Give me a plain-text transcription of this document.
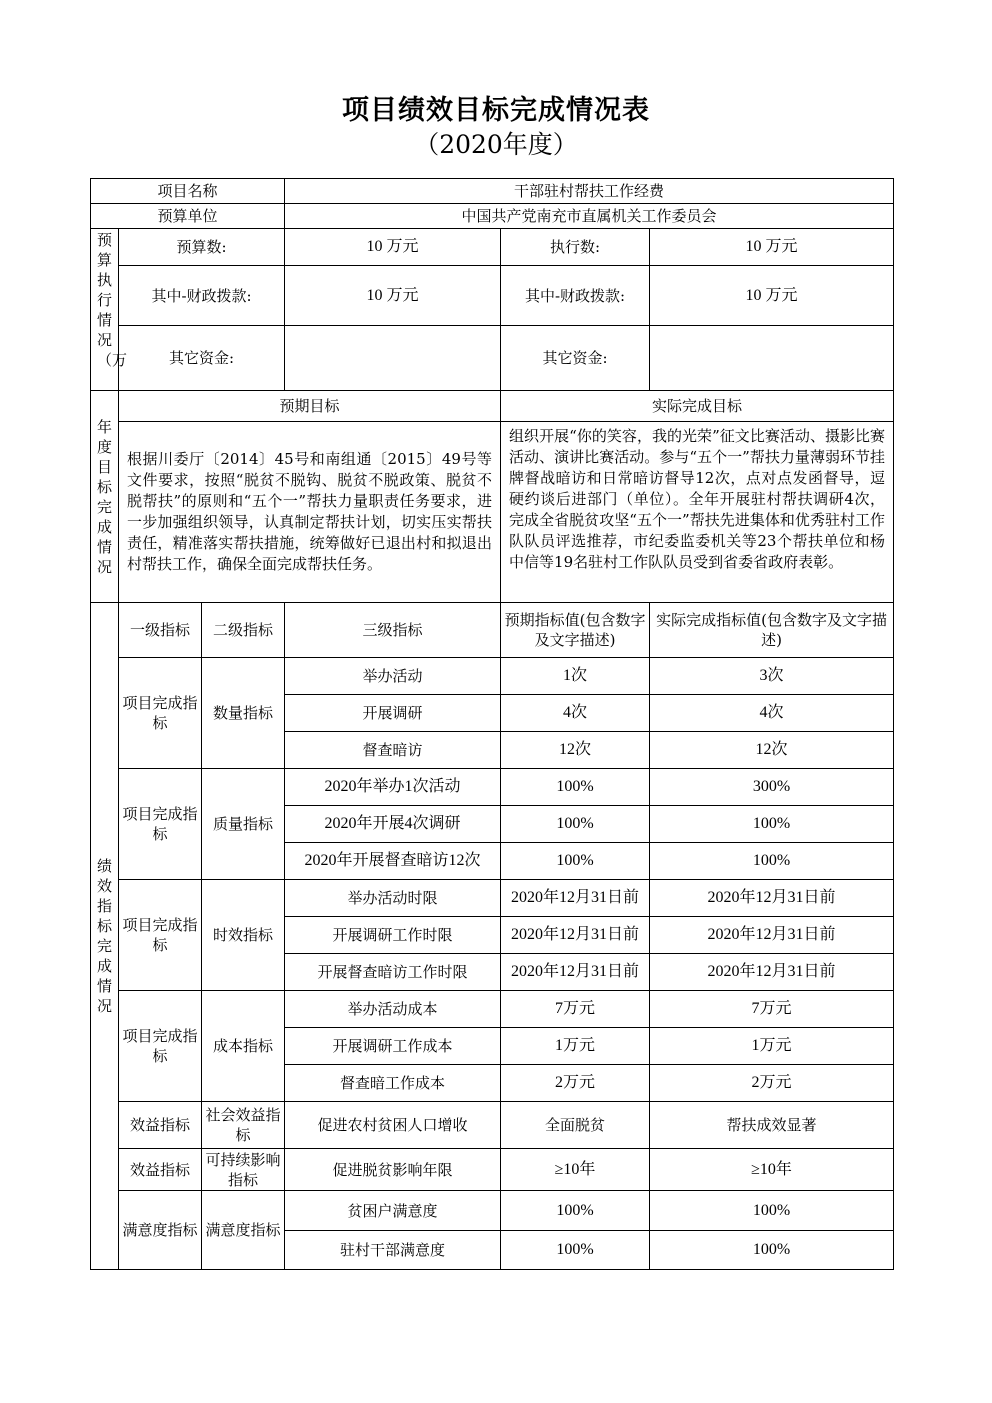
项目绩效目标完成情况表
（2020年度）
项目名称			干部驻村帮扶工作经费		
预算单位			中国共产党南充市直属机关工作委员会		

预算执行情况（万	预算数:		10 万元	执行数:	10 万元
	其中-财政拨款:		10 万元	其中-财政拨款:	10 万元
	其它资金:			其它资金:	

年度目标完成情况	预期目标			实际完成目标	
	根据川委厅〔2014〕45号和南组通〔2015〕49号等文件要求，按照“脱贫不脱钩、脱贫不脱政策、脱贫不脱帮扶”的原则和“五个一”帮扶力量职责任务要求，进一步加强组织领导，认真制定帮扶计划，切实压实帮扶责任，精准落实帮扶措施，统筹做好已退出村和拟退出村帮扶工作，确保全面完成帮扶任务。			组织开展“你的笑容，我的光荣”征文比赛活动、摄影比赛活动、演讲比赛活动。参与“五个一”帮扶力量薄弱环节挂牌督战暗访和日常暗访督导12次，点对点发函督导，逗硬约谈后进部门（单位）。全年开展驻村帮扶调研4次，完成全省脱贫攻坚“五个一”帮扶先进集体和优秀驻村工作队队员评选推荐，市纪委监委机关等23个帮扶单位和杨中信等19名驻村工作队队员受到省委省政府表彰。	

绩效指标完成情况	一级指标	二级指标	三级指标	预期指标值(包含数字及文字描述)	实际完成指标值(包含数字及文字描述)
	项目完成指标	数量指标	举办活动	1次	3次
			开展调研	4次	4次
			督查暗访	12次	12次
	项目完成指标	质量指标	2020年举办1次活动	100%	300%
			2020年开展4次调研	100%	100%
			2020年开展督查暗访12次	100%	100%
	项目完成指标	时效指标	举办活动时限	2020年12月31日前	2020年12月31日前
			开展调研工作时限	2020年12月31日前	2020年12月31日前
			开展督查暗访工作时限	2020年12月31日前	2020年12月31日前
	项目完成指标	成本指标	举办活动成本	7万元	7万元
			开展调研工作成本	1万元	1万元
			督查暗工作成本	2万元	2万元
	效益指标	社会效益指标	促进农村贫困人口增收	全面脱贫	帮扶成效显著
	效益指标	可持续影响指标	促进脱贫影响年限	≥10年	≥10年
	满意度指标	满意度指标	贫困户满意度	100%	100%
			驻村干部满意度	100%	100%
